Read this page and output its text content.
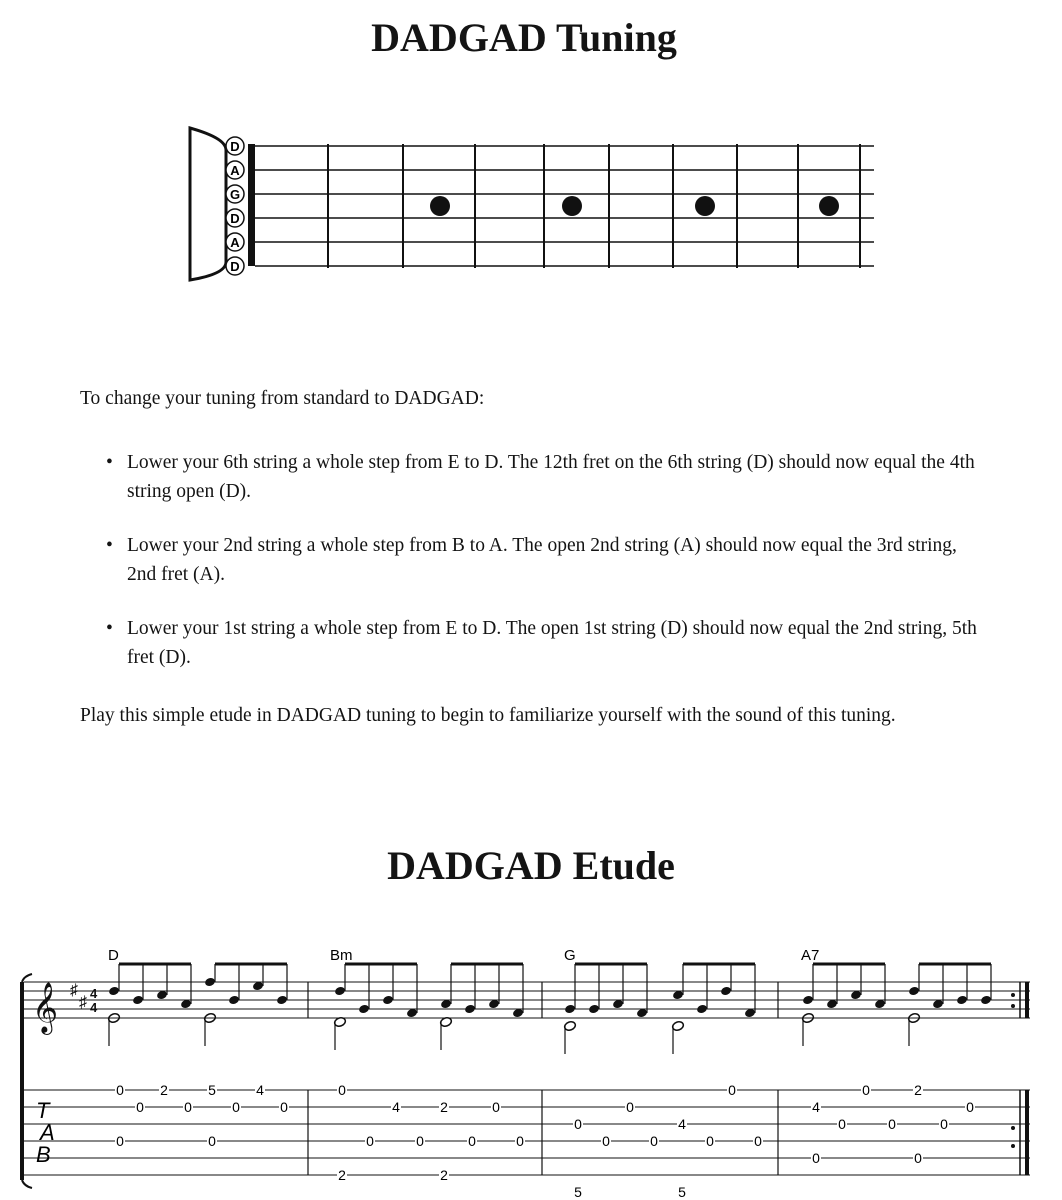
DADGAD Tuning
D
A
G
D
A
D

To change your tuning from standard to DADGAD:

• Lower your 6th string a whole step from E to D. The 12th fret on the 6th string (D) should now equal the 4th string open (D).
• Lower your 2nd string a whole step from B to A. The open 2nd string (A) should now equal the 3rd string, 2nd fret (A).
• Lower your 1st string a whole step from E to D. The open 1st string (D) should now equal the 2nd string, 5th fret (D).

Play this simple etude in DADGAD tuning to begin to familiarize yourself with the sound of this tuning.

DADGAD Etude
𝄞 ♯
♯
4
4
D	Bm	G	A7
T
A
B
0
0
2
0
5
0
4
0
0	0
0
4	2	0
0	0	0	0
2	2
0
0
4
0
0	0	0	0
5	5
4
0	2
0
0	0	0
0	0
